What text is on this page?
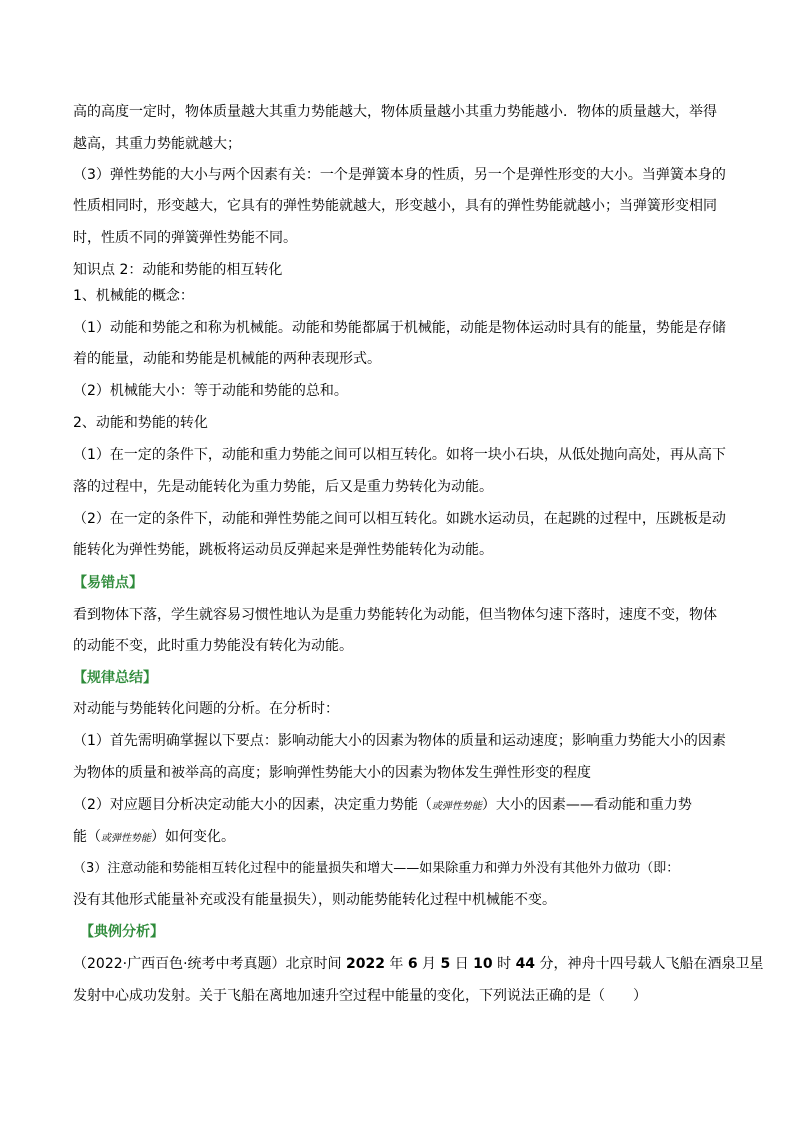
高的高度一定时，物体质量越大其重力势能越大，物体质量越小其重力势能越小．物体的质量越大，举得
越高，其重力势能就越大；
（3）弹性势能的大小与两个因素有关：一个是弹簧本身的性质，另一个是弹性形变的大小。当弹簧本身的
性质相同时，形变越大，它具有的弹性势能就越大，形变越小，具有的弹性势能就越小；当弹簧形变相同
时，性质不同的弹簧弹性势能不同。
知识点 2：动能和势能的相互转化
1、机械能的概念：
（1）动能和势能之和称为机械能。动能和势能都属于机械能，动能是物体运动时具有的能量，势能是存储
着的能量，动能和势能是机械能的两种表现形式。
（2）机械能大小：等于动能和势能的总和。
2、动能和势能的转化
（1）在一定的条件下，动能和重力势能之间可以相互转化。如将一块小石块，从低处抛向高处，再从高下
落的过程中，先是动能转化为重力势能，后又是重力势转化为动能。
（2）在一定的条件下，动能和弹性势能之间可以相互转化。如跳水运动员，在起跳的过程中，压跳板是动
能转化为弹性势能，跳板将运动员反弹起来是弹性势能转化为动能。
【易错点】
看到物体下落，学生就容易习惯性地认为是重力势能转化为动能，但当物体匀速下落时，速度不变，物体
的动能不变，此时重力势能没有转化为动能。
【规律总结】
对动能与势能转化问题的分析。在分析时：
（1）首先需明确掌握以下要点：影响动能大小的因素为物体的质量和运动速度；影响重力势能大小的因素
为物体的质量和被举高的高度；影响弹性势能大小的因素为物体发生弹性形变的程度
（2）对应题目分析决定动能大小的因素，决定重力势能（或弹性势能）大小的因素——看动能和重力势
能（或弹性势能）如何变化。
（3）注意动能和势能相互转化过程中的能量损失和增大——如果除重力和弹力外没有其他外力做功（即：
没有其他形式能量补充或没有能量损失），则动能势能转化过程中机械能不变。
【典例分析】
（2022·广西百色·统考中考真题）北京时间 2022 年 6 月 5 日 10 时 44 分，神舟十四号载人飞船在酒泉卫星
发射中心成功发射。关于飞船在离地加速升空过程中能量的变化，下列说法正确的是（　　）
